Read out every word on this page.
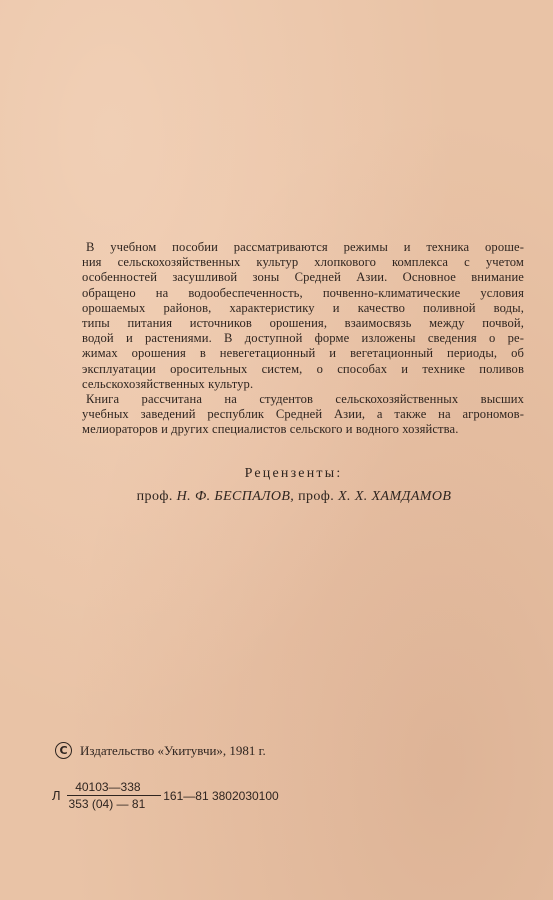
В учебном пособии рассматриваются режимы и техника ороше-
ния сельскохозяйственных культур хлопкового комплекса с учетом
особенностей засушливой зоны Средней Азии. Основное внимание
обращено на водообеспеченность, почвенно-климатические условия
орошаемых районов, характеристику и качество поливной воды,
типы питания источников орошения, взаимосвязь между почвой,
водой и растениями. В доступной форме изложены сведения о ре-
жимах орошения в невегетационный и вегетационный периоды, об
эксплуатации оросительных систем, о способах и технике поливов
сельскохозяйственных культур.

Книга рассчитана на студентов сельскохозяйственных высших
учебных заведений республик Средней Азии, а также на агрономов-
мелиораторов и других специалистов сельского и водного хозяйства.

Рецензенты:
проф. Н. Ф. БЕСПАЛОВ, проф. Х. Х. ХАМДАМОВ
С Издательство «Укитувчи», 1981 г.
Л $\frac{40103—338}{353 (04) — 81}$ 161—81 3802030100
